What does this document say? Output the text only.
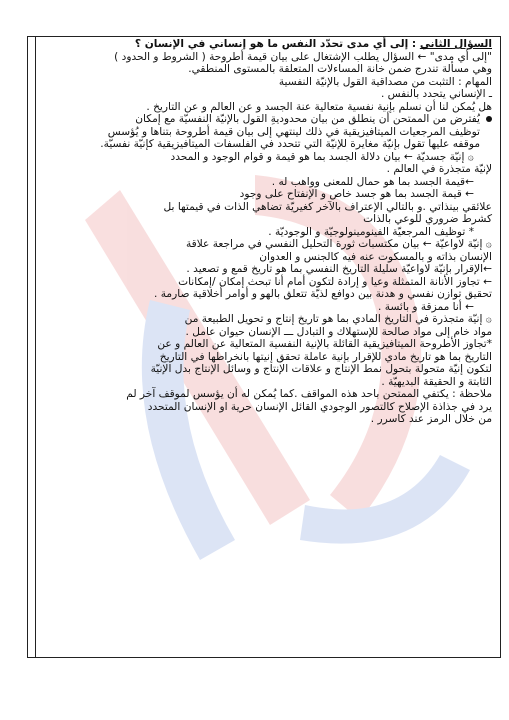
السؤال الثاني : إلى أي مدى تحدّد النفس ما هو إنساني في الإنسان ؟

"إلى أي مدى" ← السؤال يطلب الإشتغال على بيان قيمة أطروحة ( الشروط و الحدود )

وهي مسألة تندرج ضمن خانة المساءلات المتعلقة بالمستوى المنطقي.

المهام : التثبت من مصداقية القول بالإنيّة النفسية

ـ الإنساني يتحدد بالنفس .

هل يُمكن لنا أن نسلم بإنية نفسية متعالية عنة الجسد و عن العالم و عن التاريخ .

يُفترض من الممتحن أن ينطلق من بيان محدوديةِ القول بالإنيّة النفسيّة مع إمكان

توظيف المرجعيات الميتافيزيقية في ذلك لينتهي إلى بيان قيمة أطروحة بتناها و يُؤسس

موقفه عليها تقول بإنيّة مغايرة للإنيّة التي تتحدد في الفلسفات الميتافيزيقية كإنيّة نفسيّة.

۞ إنيّة جسديّة ← بيان دلالة الجسد بما هو قيمة و قوام الوجود و المحدد

لإنيّة متجذرة في العالم .

←قيمة الجسد بما هو حمال للمعنى وواهب له .

← قيمة الجسد بما هو جسد خاص و الإنفتاح على وجود

علائقي بينذاتي .و بالتالي الإعتراف بالآخر كغيريّة تضاهي الذات في قيمتها بل

كشرط ضروري للوعي بالذات

* توظيف المرجعيّة الفينومينولوجيّة و الوجوديّة .

۞ إنيّة لاواعيّة ← بيان مكتسبات ثورة التحليل النفسي في مراجعة علاقة

الإنسان بذاته و بالمسكوت عنه فيه كالجنس و العدوان

←الإقرار بإنيّة لاواعيّة سليلة التاريخ النفسي بما هو تاريخ قمع و تصعيد .

← تجاوز الأنانة المتمثلة وعيا و إرادة لتكون أمام أنا تبحث إمكان /إمكانات

تحقيق توازن نفسي و هدنة بين دوافع لذيّة تتعلق بالهو و أوامر أخلاقية صارمة .

← أنا ممزقة و بائسة .

۞ إنيّة متجذرة في التاريخ المادي بما هو تاريخ إنتاج و تحويل الطبيعة من

مواد خام إلى مواد صالحة للإستهلاك و التبادل ـــ الإنسان حيوان عامل .

*تجاوز الأطروحة الميتافيزيقية القائلة بالإنية النفسية المتعالية عن العالم و عن

التاريخ بما هو تاريخ مادي للإقرار بإنية عاملة تحقق إنيتها بانخراطها في التاريخ

لتكون إنيّة متحولة بتحول نمط الإنتاج و علاقات الإنتاج و وسائل الإنتاج بدل الإنيّة

الثابتة و الحقيقة البديهيّة .

ملاحظة : يكتفي الممتحن باحد هذه المواقف .كما يُمكن له أن يؤسس لموقف آخر لم

يرد في جذاذة الإصلاح كالتصور الوجودي القائل الإنسان حرية او الإنسان المتحدد

من خلال الرمز عند كاسرر .
